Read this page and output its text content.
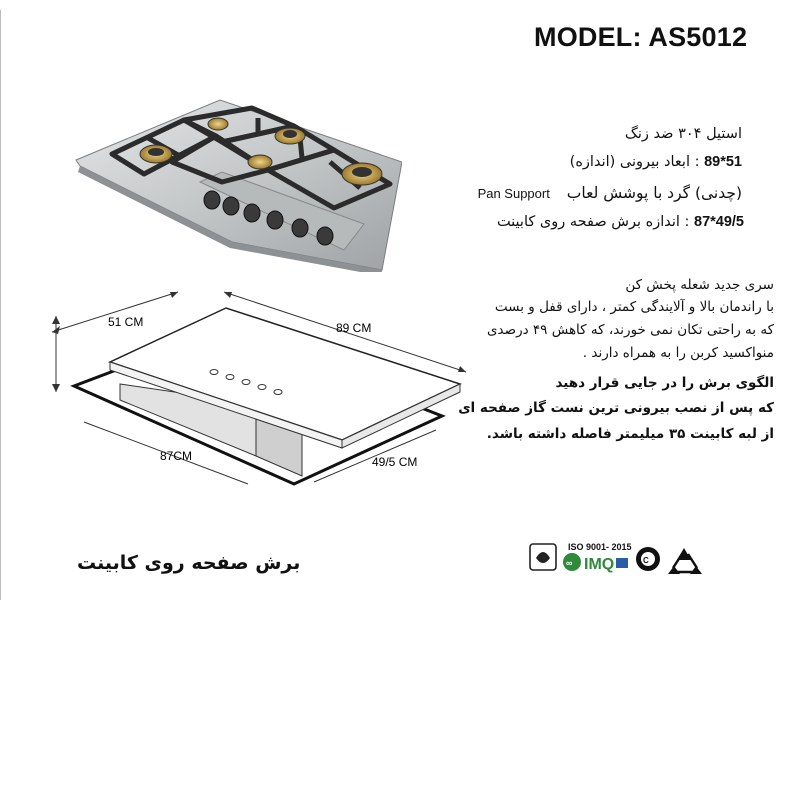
MODEL: AS5012
استیل ۳۰۴ ضد زنگ
89*51 : ابعاد بیرونی (اندازه)
(چدنی) گرد با پوشش لعاب Pan Support
87*49/5 : اندازه برش صفحه روی کابینت
سری جدید شعله پخش کن
با راندمان بالا و آلایندگی کمتر ، دارای قفل و بست
که به راحتی تکان نمی خورند، که کاهش ۴۹ درصدی
منواکسید کربن را به همراه دارند .
الگوی برش را در جایی قرار دهید
که پس از نصب بیرونی ترین نست گاز صفحه ای
از لبه کابینت ۳۵ میلیمتر فاصله داشته باشد.
51 CM	89 CM
87CM	49/5 CM
برش صفحه روی کابینت	∞ IMQ
ISO 9001- 2015
C
